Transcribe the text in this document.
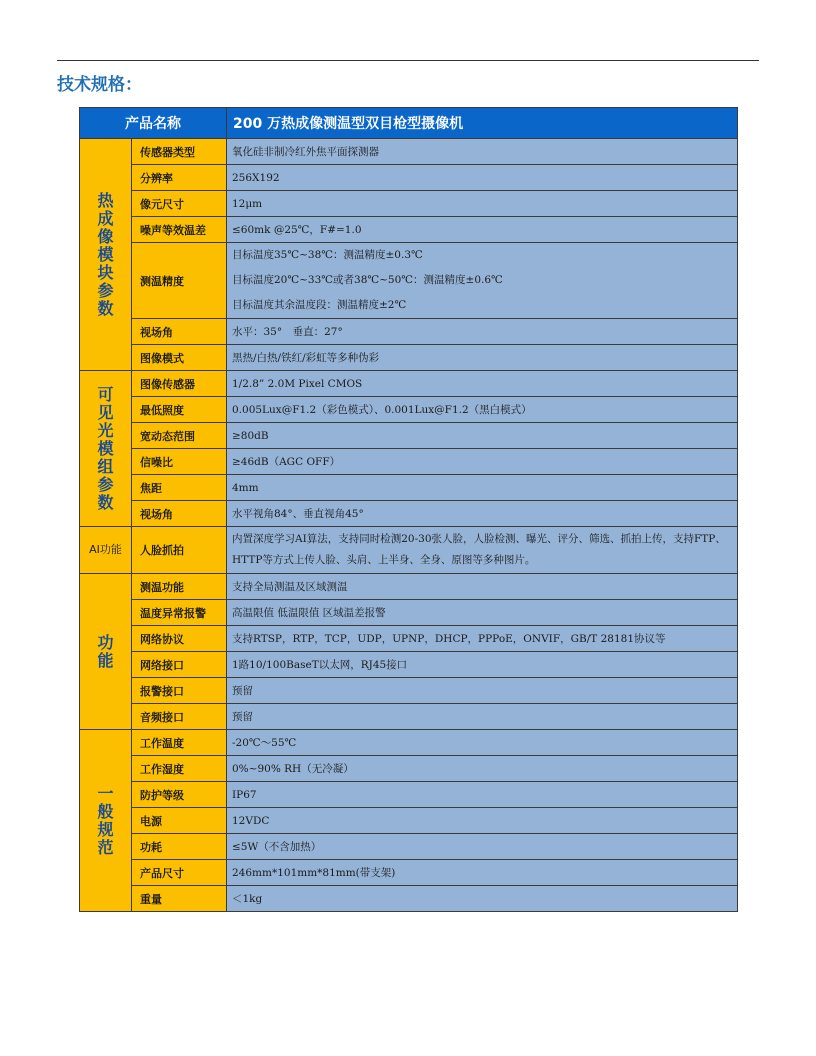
技术规格：
产品名称		200 万热成像测温型双目枪型摄像机
热成像模块参数	传感器类型	氧化硅非制冷红外焦平面探测器
	分辨率	256X192
	像元尺寸	12μm
	噪声等效温差	≤60mk @25℃，F#=1.0
	测温精度	目标温度35℃~38℃：测温精度±0.3℃
目标温度20℃~33℃或者38℃~50℃：测温精度±0.6℃
目标温度其余温度段：测温精度±2℃

	视场角	水平：35°　垂直：27°
	图像模式	黑热/白热/铁红/彩虹等多种伪彩
可见光模组参数	图像传感器	1/2.8” 2.0M Pixel CMOS
	最低照度	0.005Lux@F1.2（彩色模式）、0.001Lux@F1.2（黑白模式）
	宽动态范围	≥80dB
	信噪比	≥46dB（AGC OFF）
	焦距	4mm
	视场角	水平视角84°、垂直视角45°
AI功能	人脸抓拍	内置深度学习AI算法，支持同时检测20-30张人脸，人脸检测、曝光、评分、筛选、抓拍上传，支持FTP、HTTP等方式上传人脸、头肩、上半身、全身、原图等多种图片。
功能	测温功能	支持全局测温及区域测温
	温度异常报警	高温限值 低温限值 区域温差报警
	网络协议	支持RTSP，RTP，TCP，UDP，UPNP，DHCP，PPPoE，ONVIF，GB/T 28181协议等
	网络接口	1路10/100BaseT以太网，RJ45接口
	报警接口	预留
	音频接口	预留
一般规范	工作温度	-20℃～55℃
	工作湿度	0%~90% RH（无冷凝）
	防护等级	IP67
	电源	12VDC
	功耗	≤5W（不含加热）
	产品尺寸	246mm*101mm*81mm(带支架)
	重量	＜1kg
